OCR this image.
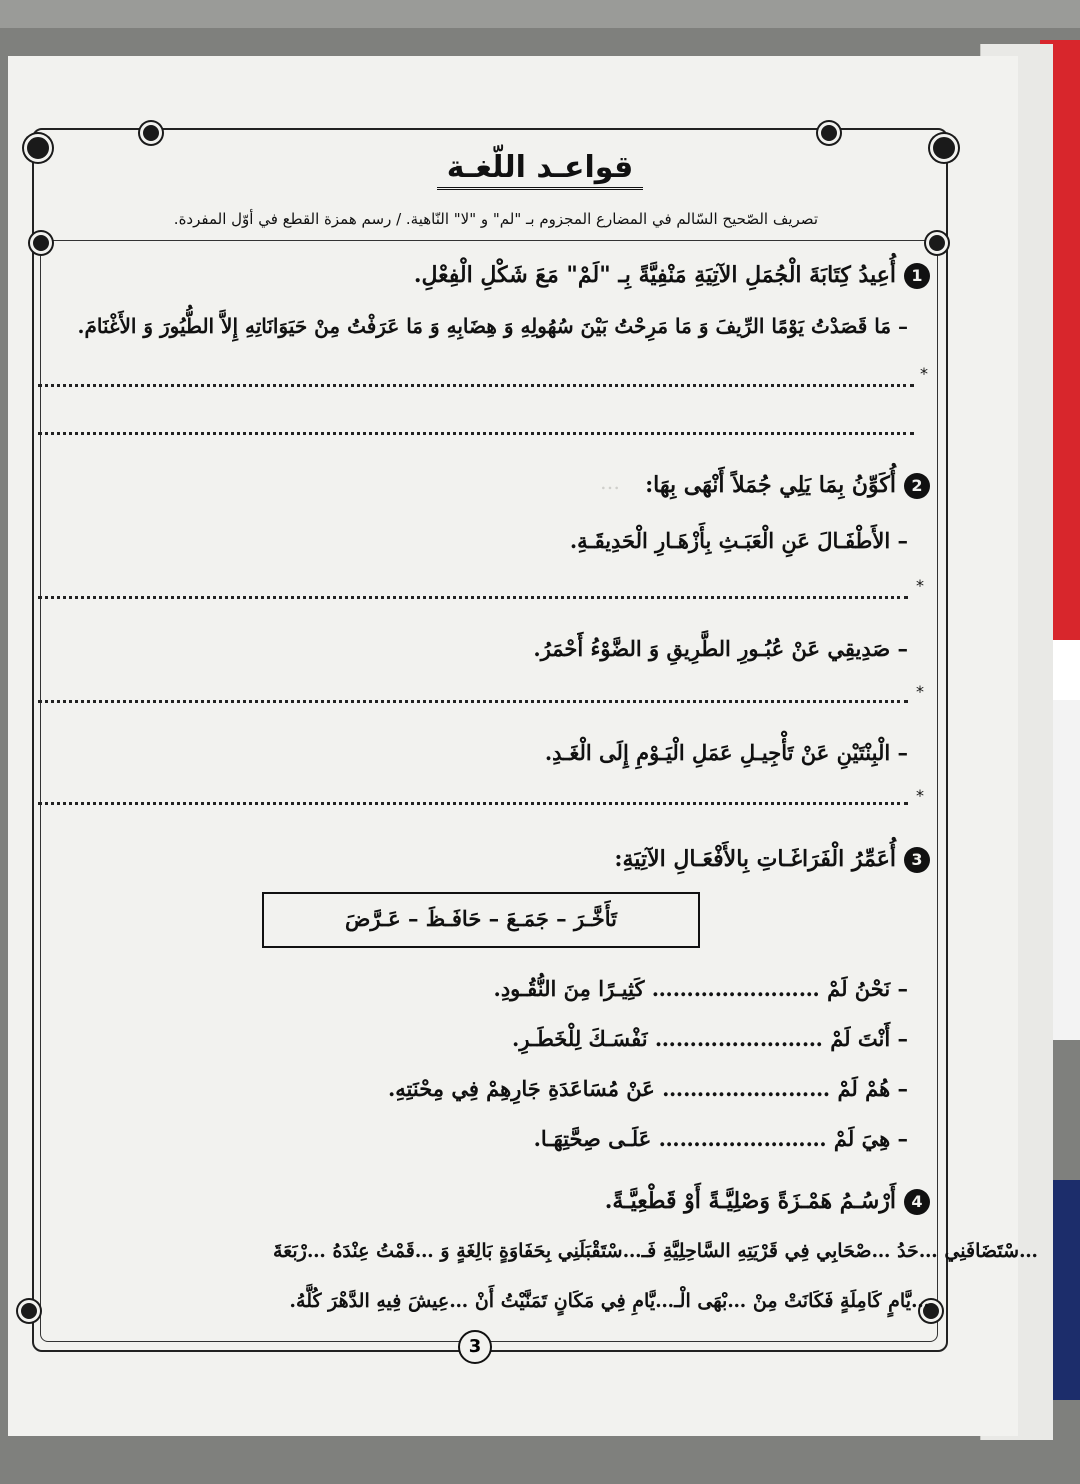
…
قواعـد اللّغـة
تصريف الصّحيح السّالم في المضارع المجزوم بـ "لم" و "لا" النّاهية. / رسم همزة القطع في أوّل المفردة.
1أُعِيدُ كِتَابَةَ الْجُمَلِ الآتِيَةِ مَنْفِيَّةً بِـ "لَمْ" مَعَ شَكْلِ الْفِعْلِ.
– مَا قَصَدْتُ يَوْمًا الرِّيفَ وَ مَا مَرِحْتُ بَيْنَ سُهُولِهِ وَ هِضَابِهِ وَ مَا عَرَفْتُ مِنْ حَيَوَانَاتِهِ إِلاَّ الطُّيُورَ وَ الأَغْنَامَ.
*
2أُكَوِّنُ بِمَا يَلِي جُمَلاً أَنْهَى بِهَا:
– الأَطْفَـالَ عَنِ الْعَبَـثِ بِأَزْهَـارِ الْحَدِيقَـةِ.
*
– صَدِيقِي عَنْ عُبُـورِ الطَّرِيقِ وَ الضَّوْءُ أَحْمَرُ.
*
– الْبِنْتَيْنِ عَنْ تَأْجِيـلِ عَمَلِ الْيَـوْمِ إِلَى الْغَـدِ.
*
3أُعَمِّرُ الْفَرَاغَـاتِ بِالأَفْعَـالِ الآتِيَةِ:
تَأَخَّـرَ – جَمَـعَ – حَافَـظَ – عَـرَّضَ
– نَحْنُ لَمْ …………………… كَثِيـرًا مِنَ النُّقُـودِ.
– أَنْتَ لَمْ …………………… نَفْسَـكَ لِلْخَطَـرِ.
– هُمْ لَمْ …………………… عَنْ مُسَاعَدَةِ جَارِهِمْ فِي مِحْنَتِهِ.
– هِيَ لَمْ …………………… عَلَـى صِحَّتِهَـا.
4أَرْسُـمُ هَمْـزَةً وَصْلِيَّـةً أَوْ قَطْعِيَّـةً.
…سْتَضَافَنِي …حَدُ …صْحَابِي فِي قَرْيَتِهِ السَّاحِلِيَّةِ فَـ…سْتَقْبَلَنِي بِحَفَاوَةٍ بَالِغَةٍ وَ …قَمْتُ عِنْدَهُ …رْبَعَةَ
…يَّامٍ كَامِلَةٍ فَكَانَتْ مِنْ …بْهَى الْـ…يَّامِ فِي مَكَانٍ تَمَنَّيْتُ أَنْ …عِيشَ فِيهِ الدَّهْرَ كُلَّهُ.
3
